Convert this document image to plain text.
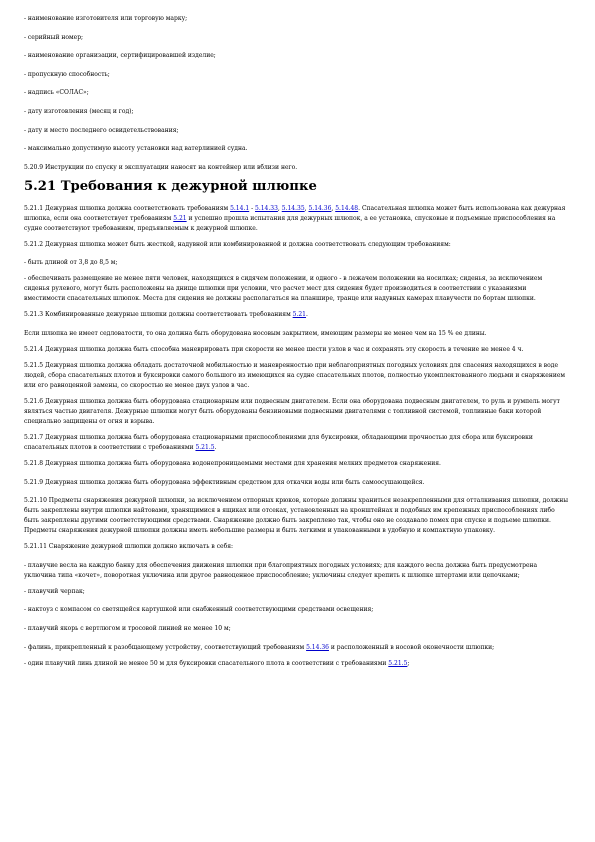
- наименование изготовителя или торговую марку;

- серийный номер;

- наименование организации, сертифицировавшей изделие;

- пропускную способность;

- надпись «СОЛАС»;

- дату изготовления (месяц и год);

- дату и место последнего освидетельствования;

- максимально допустимую высоту установки над ватерлинией судна.

5.20.9 Инструкции по спуску и эксплуатации наносят на контейнер или вблизи него.

5.21 Требования к дежурной шлюпке

5.21.1 Дежурная шлюпка должна соответствовать требованиям 5.14.1 - 5.14.33, 5.14.35, 5.14.36, 5.14.48. Спасательная шлюпка может быть использована как дежурная шлюпка, если она соответствует требованиям 5.21 и успешно прошла испытания для дежурных шлюпок, а ее установка, спусковые и подъемные приспособления на судне соответствуют требованиям, предъявляемым к дежурной шлюпке.

5.21.2 Дежурная шлюпка может быть жесткой, надувной или комбинированной и должна соответствовать следующим требованиям:

- быть длиной от 3,8 до 8,5 м;

- обеспечивать размещение не менее пяти человек, находящихся в сидячем положении, и одного - в лежачем положении на носилках; сиденья, за исключением сиденья рулевого, могут быть расположены на днище шлюпки при условии, что расчет мест для сидения будет производиться в соответствии с указаниями вместимости спасательных шлюпок. Места для сидения не должны располагаться на планшире, транце или надувных камерах плавучести по бортам шлюпки.

5.21.3 Комбинированные дежурные шлюпки должны соответствовать требованиям 5.21.

Если шлюпка не имеет седловатости, то она должна быть оборудована носовым закрытием, имеющим размеры не менее чем на 15 % ее длины.

5.21.4 Дежурная шлюпка должна быть способна маневрировать при скорости не менее шести узлов в час и сохранять эту скорость в течение не менее 4 ч.

5.21.5 Дежурная шлюпка должна обладать достаточной мобильностью и маневренностью при неблагоприятных погодных условиях для спасения находящихся в воде людей, сбора спасательных плотов и буксировки самого большого из имеющихся на судне спасательных плотов, полностью укомплектованного людьми и снаряжением или его равноценной замены, со скоростью не менее двух узлов в час.

5.21.6 Дежурная шлюпка должна быть оборудована стационарным или подвесным двигателем. Если она оборудована подвесным двигателем, то руль и румпель могут являться частью двигателя. Дежурные шлюпки могут быть оборудованы бензиновыми подвесными двигателями с топливной системой, топливные баки которой специально защищены от огня и взрыва.

5.21.7 Дежурная шлюпка должна быть оборудована стационарными приспособлениями для буксировки, обладающими прочностью для сбора или буксировки спасательных плотов в соответствии с требованиями 5.21.5.

5.21.8 Дежурная шлюпка должна быть оборудована водонепроницаемыми местами для хранения мелких предметов снаряжения.

5.21.9 Дежурная шлюпка должна быть оборудована эффективным средством для откачки воды или быть самоосушающейся.

5.21.10 Предметы снаряжения дежурной шлюпки, за исключением отпорных крюков, которые должны храниться незакрепленными для отталкивания шлюпки, должны быть закреплены внутри шлюпки найтовами, хранящимися в ящиках или отсеках, установленных на кронштейнах и подобных им крепежных приспособлениях либо быть закреплены другими соответствующими средствами. Снаряжение должно быть закреплено так, чтобы оно не создавало помех при спуске и подъеме шлюпки. Предметы снаряжения дежурной шлюпки должны иметь небольшие размеры и быть легкими и упакованными в удобную и компактную упаковку.

5.21.11 Снаряжение дежурной шлюпки должно включать в себя:

- плавучие весла на каждую банку для обеспечения движения шлюпки при благоприятных погодных условиях; для каждого весла должна быть предусмотрена уключина типа «кочет», поворотная уключина или другое равноценное приспособление; уключины следует крепить к шлюпке штертами или цепочками;

- плавучий черпак;

- нактоуз с компасом со светящейся картушкой или снабженный соответствующими средствами освещения;

- плавучий якорь с вертлюгом и тросовой линией не менее 10 м;

- фалинь, прикрепленный к разобщающему устройству, соответствующий требованиям 5.14.36 и расположенный в носовой оконечности шлюпки;

- один плавучий линь длиной не менее 50 м для буксировки спасательного плота в соответствии с требованиями 5.21.5;
